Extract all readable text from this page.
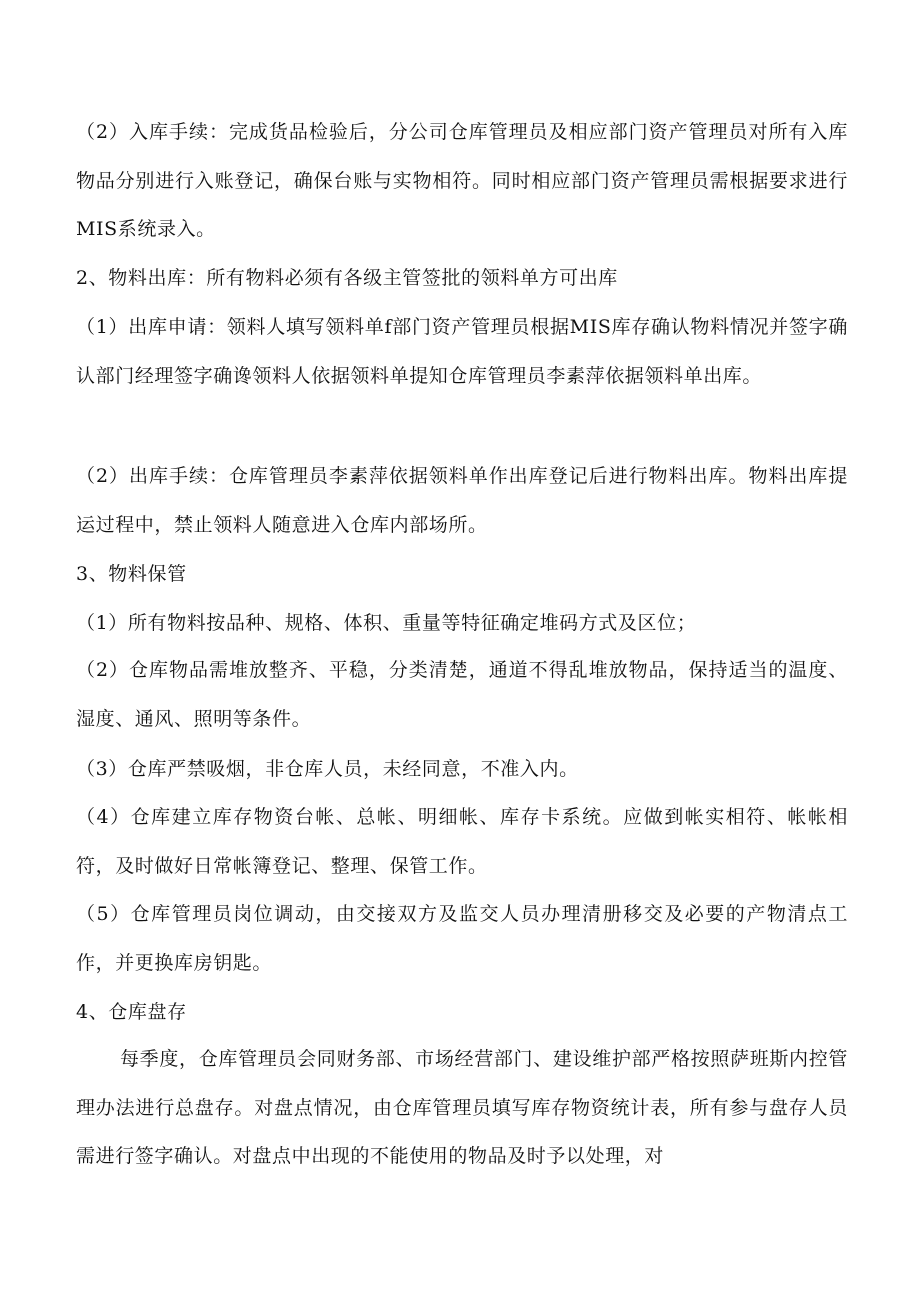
（2）入库手续：完成货品检验后，分公司仓库管理员及相应部门资产管理员对所有入库物品分别进行入账登记，确保台账与实物相符。同时相应部门资产管理员需根据要求进行MIS系统录入。

2、物料出库：所有物料必须有各级主管签批的领料单方可出库

（1）出库申请：领料人填写领料单f部门资产管理员根据MIS库存确认物料情况并签字确认部门经理签字确谗领料人依据领料单提知仓库管理员李素萍依据领料单出库。

（2）出库手续：仓库管理员李素萍依据领料单作出库登记后进行物料出库。物料出库提运过程中，禁止领料人随意进入仓库内部场所。

3、物料保管

（1）所有物料按品种、规格、体积、重量等特征确定堆码方式及区位；

（2）仓库物品需堆放整齐、平稳，分类清楚，通道不得乱堆放物品，保持适当的温度、湿度、通风、照明等条件。

（3）仓库严禁吸烟，非仓库人员，未经同意，不准入内。

（4）仓库建立库存物资台帐、总帐、明细帐、库存卡系统。应做到帐实相符、帐帐相符，及时做好日常帐簿登记、整理、保管工作。

（5）仓库管理员岗位调动，由交接双方及监交人员办理清册移交及必要的产物清点工作，并更换库房钥匙。

4、仓库盘存

每季度，仓库管理员会同财务部、市场经营部门、建设维护部严格按照萨班斯内控管理办法进行总盘存。对盘点情况，由仓库管理员填写库存物资统计表，所有参与盘存人员需进行签字确认。对盘点中出现的不能使用的物品及时予以处理，对
